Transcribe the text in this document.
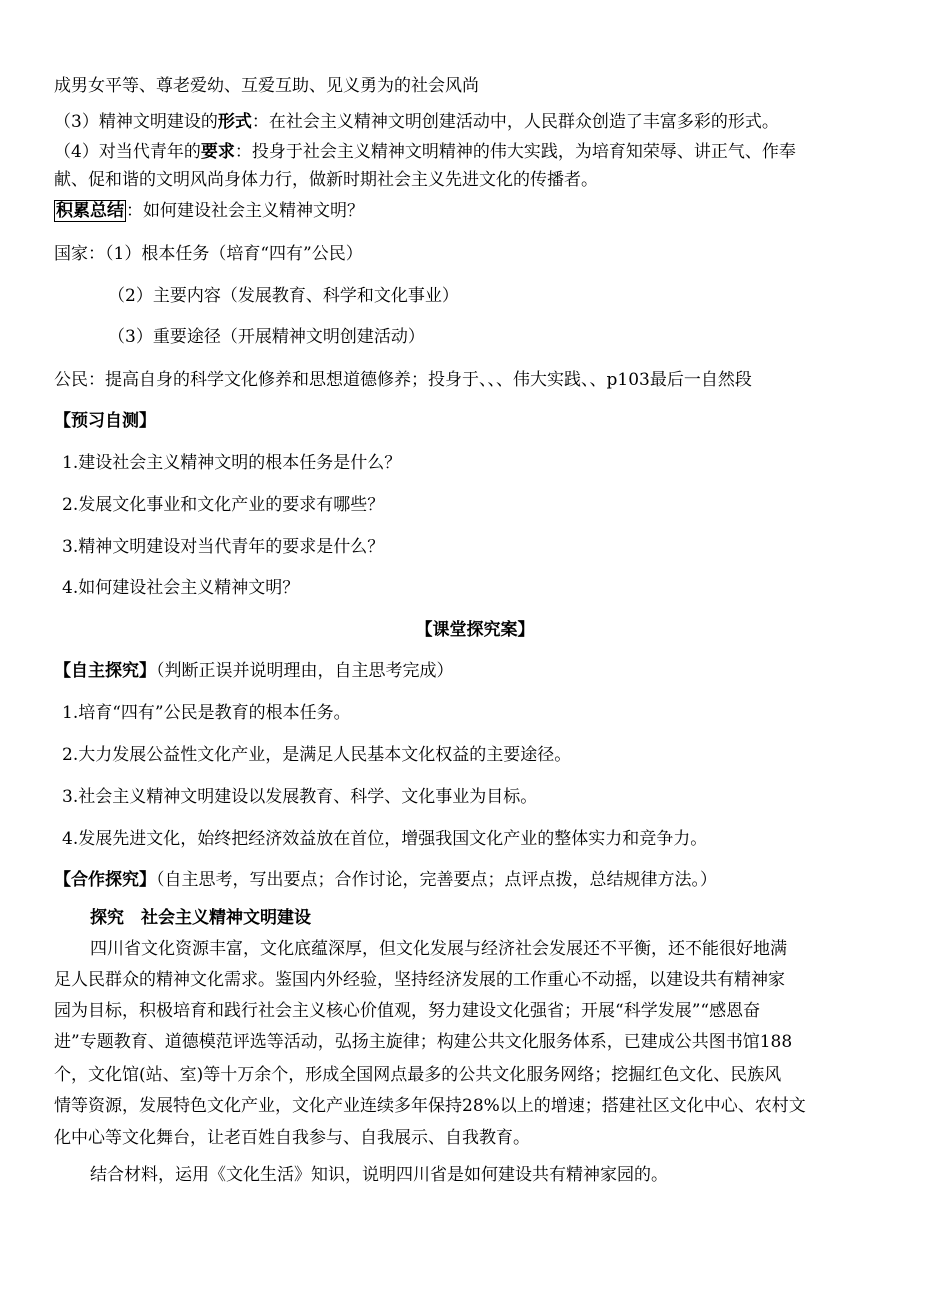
成男女平等、尊老爱幼、互爱互助、见义勇为的社会风尚
（3）精神文明建设的形式：在社会主义精神文明创建活动中，人民群众创造了丰富多彩的形式。
（4）对当代青年的要求：投身于社会主义精神文明精神的伟大实践，为培育知荣辱、讲正气、作奉
献、促和谐的文明风尚身体力行，做新时期社会主义先进文化的传播者。
积累总结 ：如何建设社会主义精神文明？
国家：（1）根本任务（培育“四有”公民）
（2）主要内容（发展教育、科学和文化事业）
（3）重要途径（开展精神文明创建活动）
公民：提高自身的科学文化修养和思想道德修养；投身于、、、伟大实践、、p103最后一自然段
【预习自测】
1.建设社会主义精神文明的根本任务是什么？
2.发展文化事业和文化产业的要求有哪些？
3.精神文明建设对当代青年的要求是什么？
4.如何建设社会主义精神文明？
【课堂探究案】
【自主探究】（判断正误并说明理由，自主思考完成）
1.培育“四有”公民是教育的根本任务。
2.大力发展公益性文化产业，是满足人民基本文化权益的主要途径。
3.社会主义精神文明建设以发展教育、科学、文化事业为目标。
4.发展先进文化，始终把经济效益放在首位，增强我国文化产业的整体实力和竞争力。
【合作探究】（自主思考，写出要点；合作讨论，完善要点；点评点拨，总结规律方法。）
探究　社会主义精神文明建设
四川省文化资源丰富，文化底蕴深厚，但文化发展与经济社会发展还不平衡，还不能很好地满
足人民群众的精神文化需求。鉴国内外经验，坚持经济发展的工作重心不动摇，以建设共有精神家
园为目标，积极培育和践行社会主义核心价值观，努力建设文化强省；开展“科学发展”“感恩奋
进”专题教育、道德模范评选等活动，弘扬主旋律；构建公共文化服务体系，已建成公共图书馆188
个，文化馆(站、室)等十万余个，形成全国网点最多的公共文化服务网络；挖掘红色文化、民族风
情等资源，发展特色文化产业，文化产业连续多年保持28%以上的增速；搭建社区文化中心、农村文
化中心等文化舞台，让老百姓自我参与、自我展示、自我教育。
结合材料，运用《文化生活》知识，说明四川省是如何建设共有精神家园的。
